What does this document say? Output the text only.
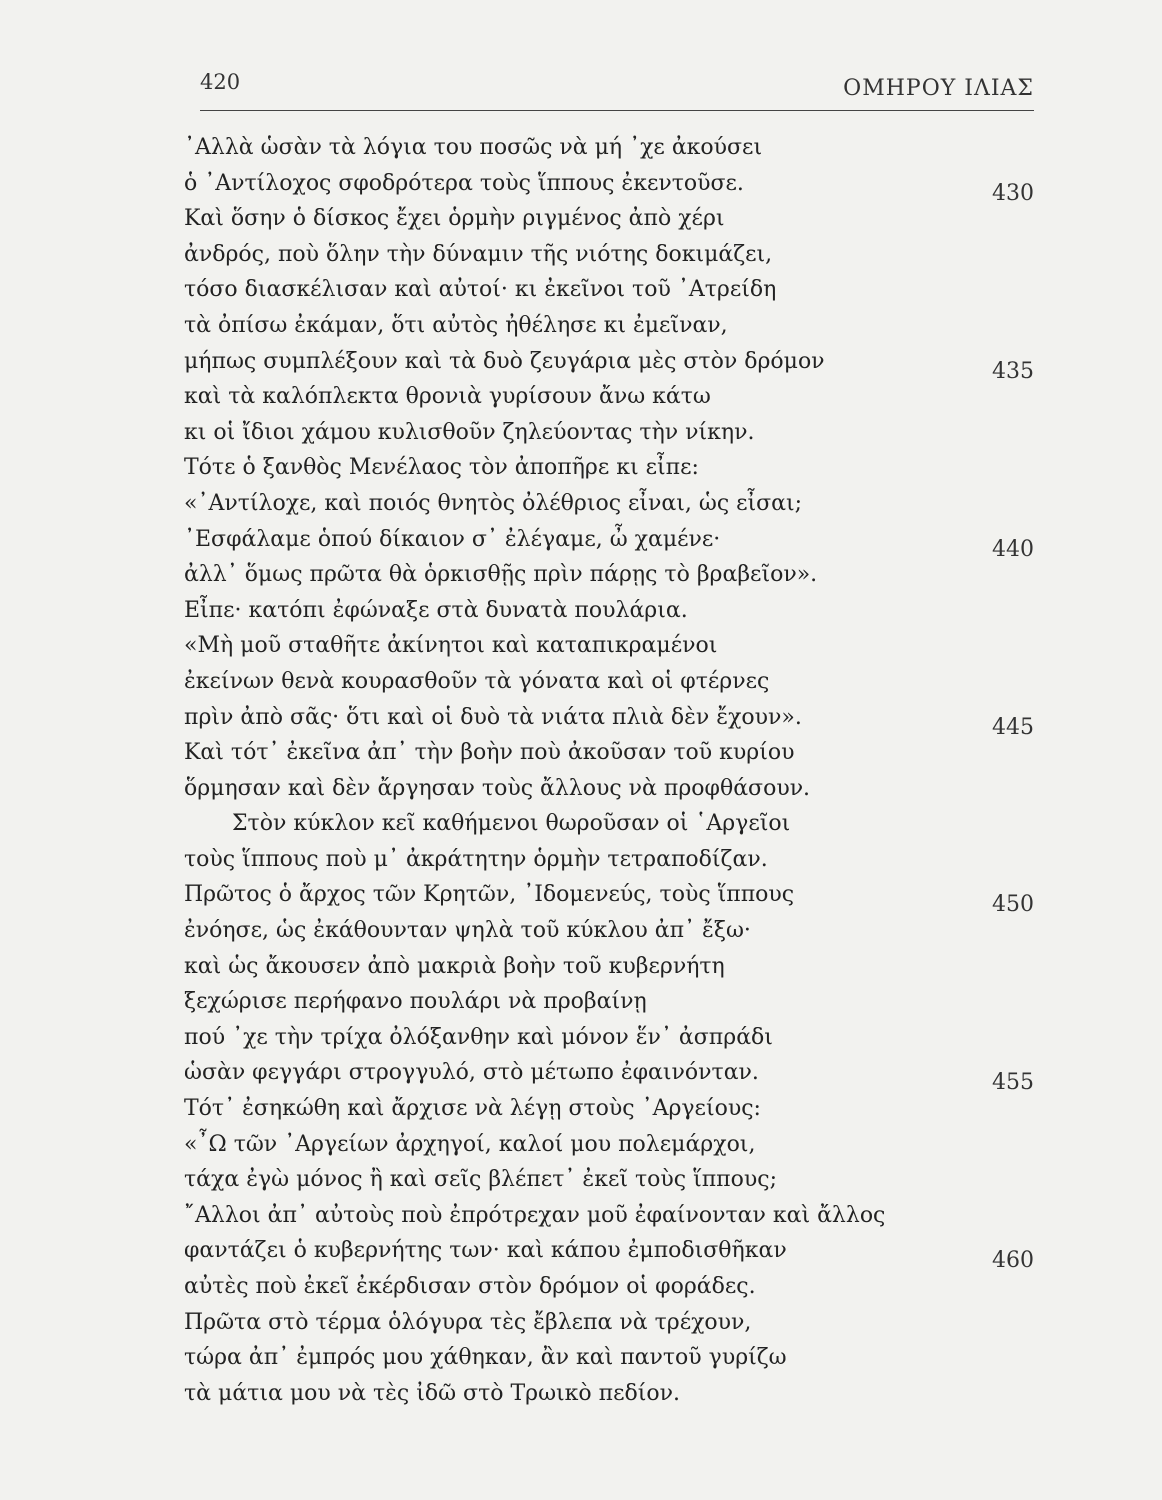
420	ΟΜΗΡΟΥ ΙΛΙΑΣ
᾿Αλλὰ ὡσὰν τὰ λόγια του ποσῶς νὰ μή ᾿χε ἀκούσει
ὁ ᾿Αντίλοχος σφοδρότερα τοὺς ἵππους ἐκεντοῦσε.	430
Καὶ ὅσην ὁ δίσκος ἔχει ὁρμὴν ριγμένος ἀπὸ χέρι
ἀνδρός, ποὺ ὅλην τὴν δύναμιν τῆς νιότης δοκιμάζει,
τόσο διασκέλισαν καὶ αὐτοί· κι ἐκεῖνοι τοῦ ᾿Ατρείδη
τὰ ὀπίσω ἐκάμαν, ὅτι αὐτὸς ἠθέλησε κι ἐμεῖναν,
μήπως συμπλέξουν καὶ τὰ δυὸ ζευγάρια μὲς στὸν δρόμον	435
καὶ τὰ καλόπλεκτα θρονιὰ γυρίσουν ἄνω κάτω
κι οἱ ἴδιοι χάμου κυλισθοῦν ζηλεύοντας τὴν νίκην.
Τότε ὁ ξανθὸς Μενέλαος τὸν ἀποπῆρε κι εἶπε:
«᾿Αντίλοχε, καὶ ποιός θνητὸς ὀλέθριος εἶναι, ὡς εἶσαι;
᾿Εσφάλαμε ὁπού δίκαιον σ᾿ ἐλέγαμε, ὦ χαμένε·	440
ἀλλ᾿ ὅμως πρῶτα θὰ ὁρκισθῇς πρὶν πάρῃς τὸ βραβεῖον».
Εἶπε· κατόπι ἐφώναξε στὰ δυνατὰ πουλάρια.
«Μὴ μοῦ σταθῆτε ἀκίνητοι καὶ καταπικραμένοι
ἐκείνων θενὰ κουρασθοῦν τὰ γόνατα καὶ οἱ φτέρνες
πρὶν ἀπὸ σᾶς· ὅτι καὶ οἱ δυὸ τὰ νιάτα πλιὰ δὲν ἔχουν».	445
Καὶ τότ᾿ ἐκεῖνα ἀπ᾿ τὴν βοὴν ποὺ ἀκοῦσαν τοῦ κυρίου
ὅρμησαν καὶ δὲν ἄργησαν τοὺς ἄλλους νὰ προφθάσουν.
Στὸν κύκλον κεῖ καθήμενοι θωροῦσαν οἱ ῾Αργεῖοι
τοὺς ἵππους ποὺ μ᾿ ἀκράτητην ὁρμὴν τετραποδίζαν.
Πρῶτος ὁ ἄρχος τῶν Κρητῶν, ᾿Ιδομενεύς, τοὺς ἵππους	450
ἐνόησε, ὡς ἐκάθουνταν ψηλὰ τοῦ κύκλου ἀπ᾿ ἔξω·
καὶ ὡς ἄκουσεν ἀπὸ μακριὰ βοὴν τοῦ κυβερνήτη
ξεχώρισε περήφανο πουλάρι νὰ προβαίνῃ
πού ᾿χε τὴν τρίχα ὀλόξανθην καὶ μόνον ἕν᾿ ἀσπράδι
ὡσὰν φεγγάρι στρογγυλό, στὸ μέτωπο ἐφαινόνταν.	455
Τότ᾿ ἐσηκώθη καὶ ἄρχισε νὰ λέγῃ στοὺς ᾿Αργείους:
«῏Ω τῶν ᾿Αργείων ἀρχηγοί, καλοί μου πολεμάρχοι,
τάχα ἐγὼ μόνος ἢ καὶ σεῖς βλέπετ᾿ ἐκεῖ τοὺς ἵππους;
῎Αλλοι ἀπ᾿ αὐτοὺς ποὺ ἐπρότρεχαν μοῦ ἐφαίνονταν καὶ ἄλλος
φαντάζει ὁ κυβερνήτης των· καὶ κάπου ἐμποδισθῆκαν	460
αὐτὲς ποὺ ἐκεῖ ἐκέρδισαν στὸν δρόμον οἱ φοράδες.
Πρῶτα στὸ τέρμα ὁλόγυρα τὲς ἔβλεπα νὰ τρέχουν,
τώρα ἀπ᾿ ἐμπρός μου χάθηκαν, ἂν καὶ παντοῦ γυρίζω
τὰ μάτια μου νὰ τὲς ἰδῶ στὸ Τρωικὸ πεδίον.
